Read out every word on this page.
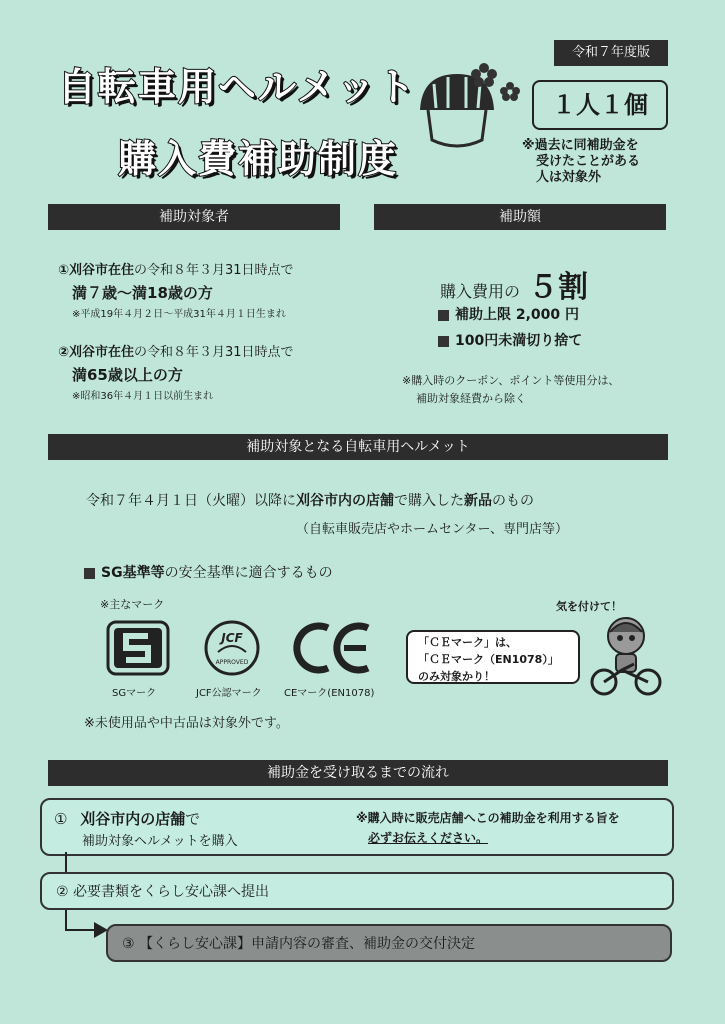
令和７年度版
自転車用ヘルメット
購入費補助制度
１人１個
※過去に同補助金を
受けたことがある
人は対象外
補助対象者	補助額
①刈谷市在住の令和８年３月31日時点で
満７歳〜満18歳の方
※平成19年４月２日〜平成31年４月１日生まれ
②刈谷市在住の令和８年３月31日時点で
満65歳以上の方
※昭和36年４月１日以前生まれ
購入費用の ５割
補助上限 2,000 円
100円未満切り捨て
※購入時のクーポン、ポイント等使用分は、
補助対象経費から除く
補助対象となる自転車用ヘルメット
令和７年４月１日（火曜）以降に刈谷市内の店舗で購入した新品のもの
（自転車販売店やホームセンター、専門店等）
SG基準等の安全基準に適合するもの
※主なマーク
SGマーク
JCF
APPROVED
JCF公認マーク CEマーク(EN1078)
※未使用品や中古品は対象外です。
「ＣＥマーク」は、
「ＣＥマーク（EN1078）」
のみ対象かり！
気を付けて！
補助金を受け取るまでの流れ
① 刈谷市内の店舗で
補助対象ヘルメットを購入
※購入時に販売店舗へこの補助金を利用する旨を
必ずお伝えください。
② 必要書類をくらし安心課へ提出
③ 【くらし安心課】申請内容の審査、補助金の交付決定
